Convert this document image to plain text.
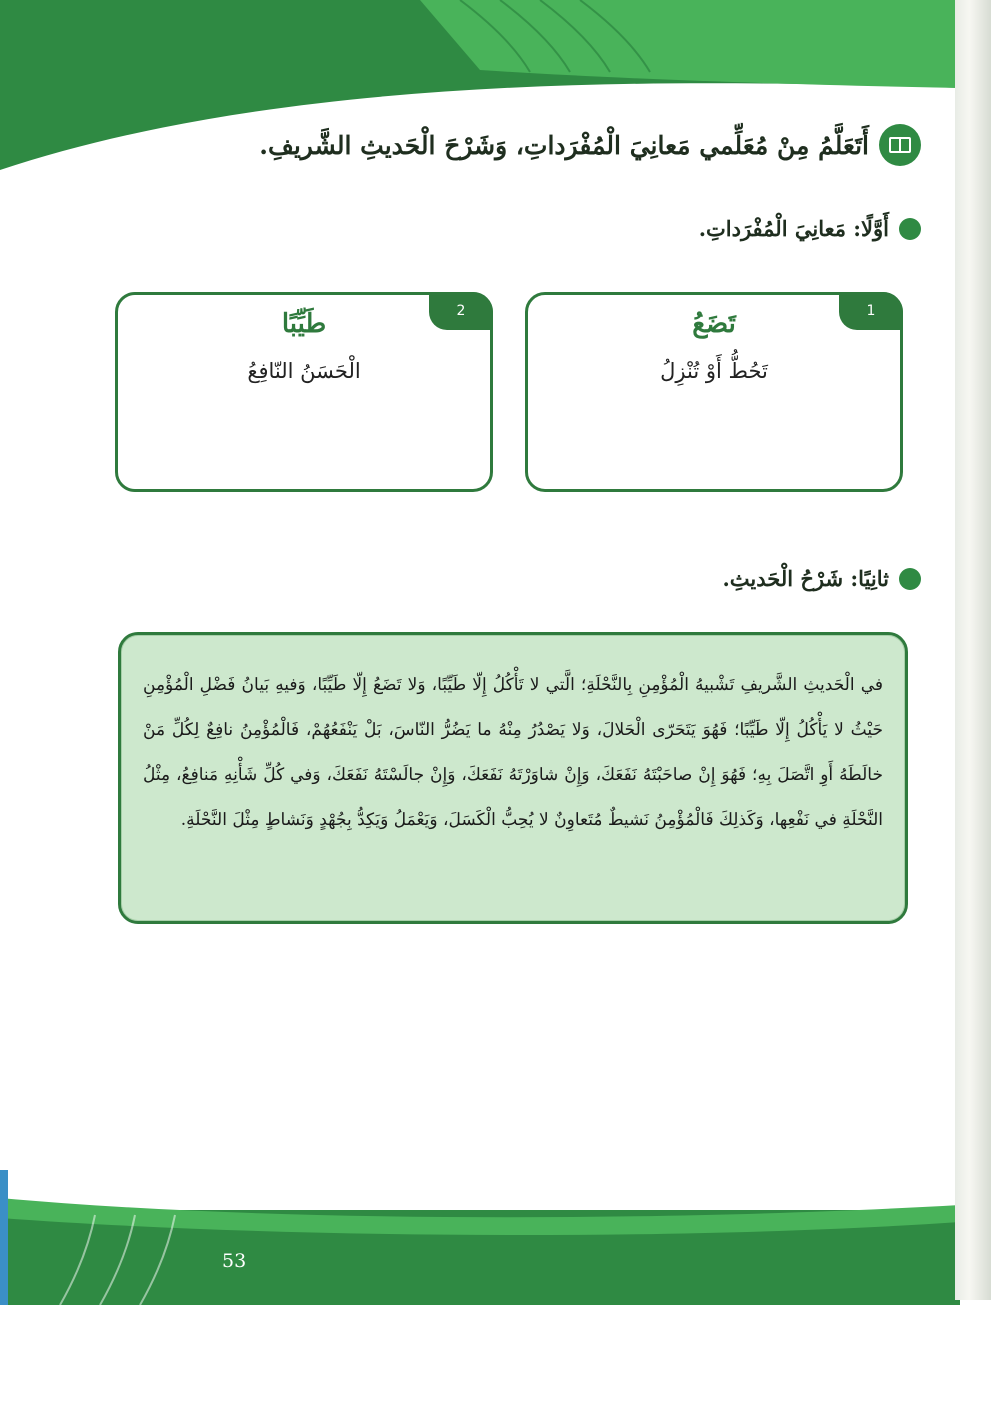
أَتَعَلَّمُ مِنْ مُعَلِّمي مَعانِيَ الْمُفْرَداتِ، وَشَرْحَ الْحَديثِ الشَّريفِ.
أَوَّلًا: مَعانِيَ الْمُفْرَداتِ.
1
تَضَعُ
تَحُطُّ أَوْ تُنْزِلُ
2
طَيِّبًا
الْحَسَنُ النّافِعُ
ثانِيًا: شَرْحُ الْحَديثِ.
في الْحَديثِ الشَّريفِ تَشْبيهُ الْمُؤْمِنِ بِالنَّحْلَةِ؛ الَّتي لا تَأْكُلُ إِلّا طَيِّبًا، وَلا تَضَعُ إِلّا طَيِّبًا، وَفيهِ بَيانُ فَضْلِ الْمُؤْمِنِ حَيْثُ لا يَأْكُلُ إِلّا طَيِّبًا؛ فَهُوَ يَتَحَرّى الْحَلالَ، وَلا يَصْدُرُ مِنْهُ ما يَضُرُّ النّاسَ، بَلْ يَنْفَعُهُمْ، فَالْمُؤْمِنُ نافِعٌ لِكُلِّ مَنْ خالَطَهُ أَوِ اتَّصَلَ بِهِ؛ فَهُوَ إِنْ صاحَبْتَهُ نَفَعَكَ، وَإِنْ شاوَرْتَهُ نَفَعَكَ، وَإِنْ جالَسْتَهُ نَفَعَكَ، وَفي كُلِّ شَأْنِهِ مَنافِعُ، مِثْلُ النَّحْلَةِ في نَفْعِها، وَكَذلِكَ فَالْمُؤْمِنُ نَشيطٌ مُتَعاوِنٌ لا يُحِبُّ الْكَسَلَ، وَيَعْمَلُ وَيَكِدُّ بِجُهْدٍ وَنَشاطٍ مِثْلَ النَّحْلَةِ.
53
